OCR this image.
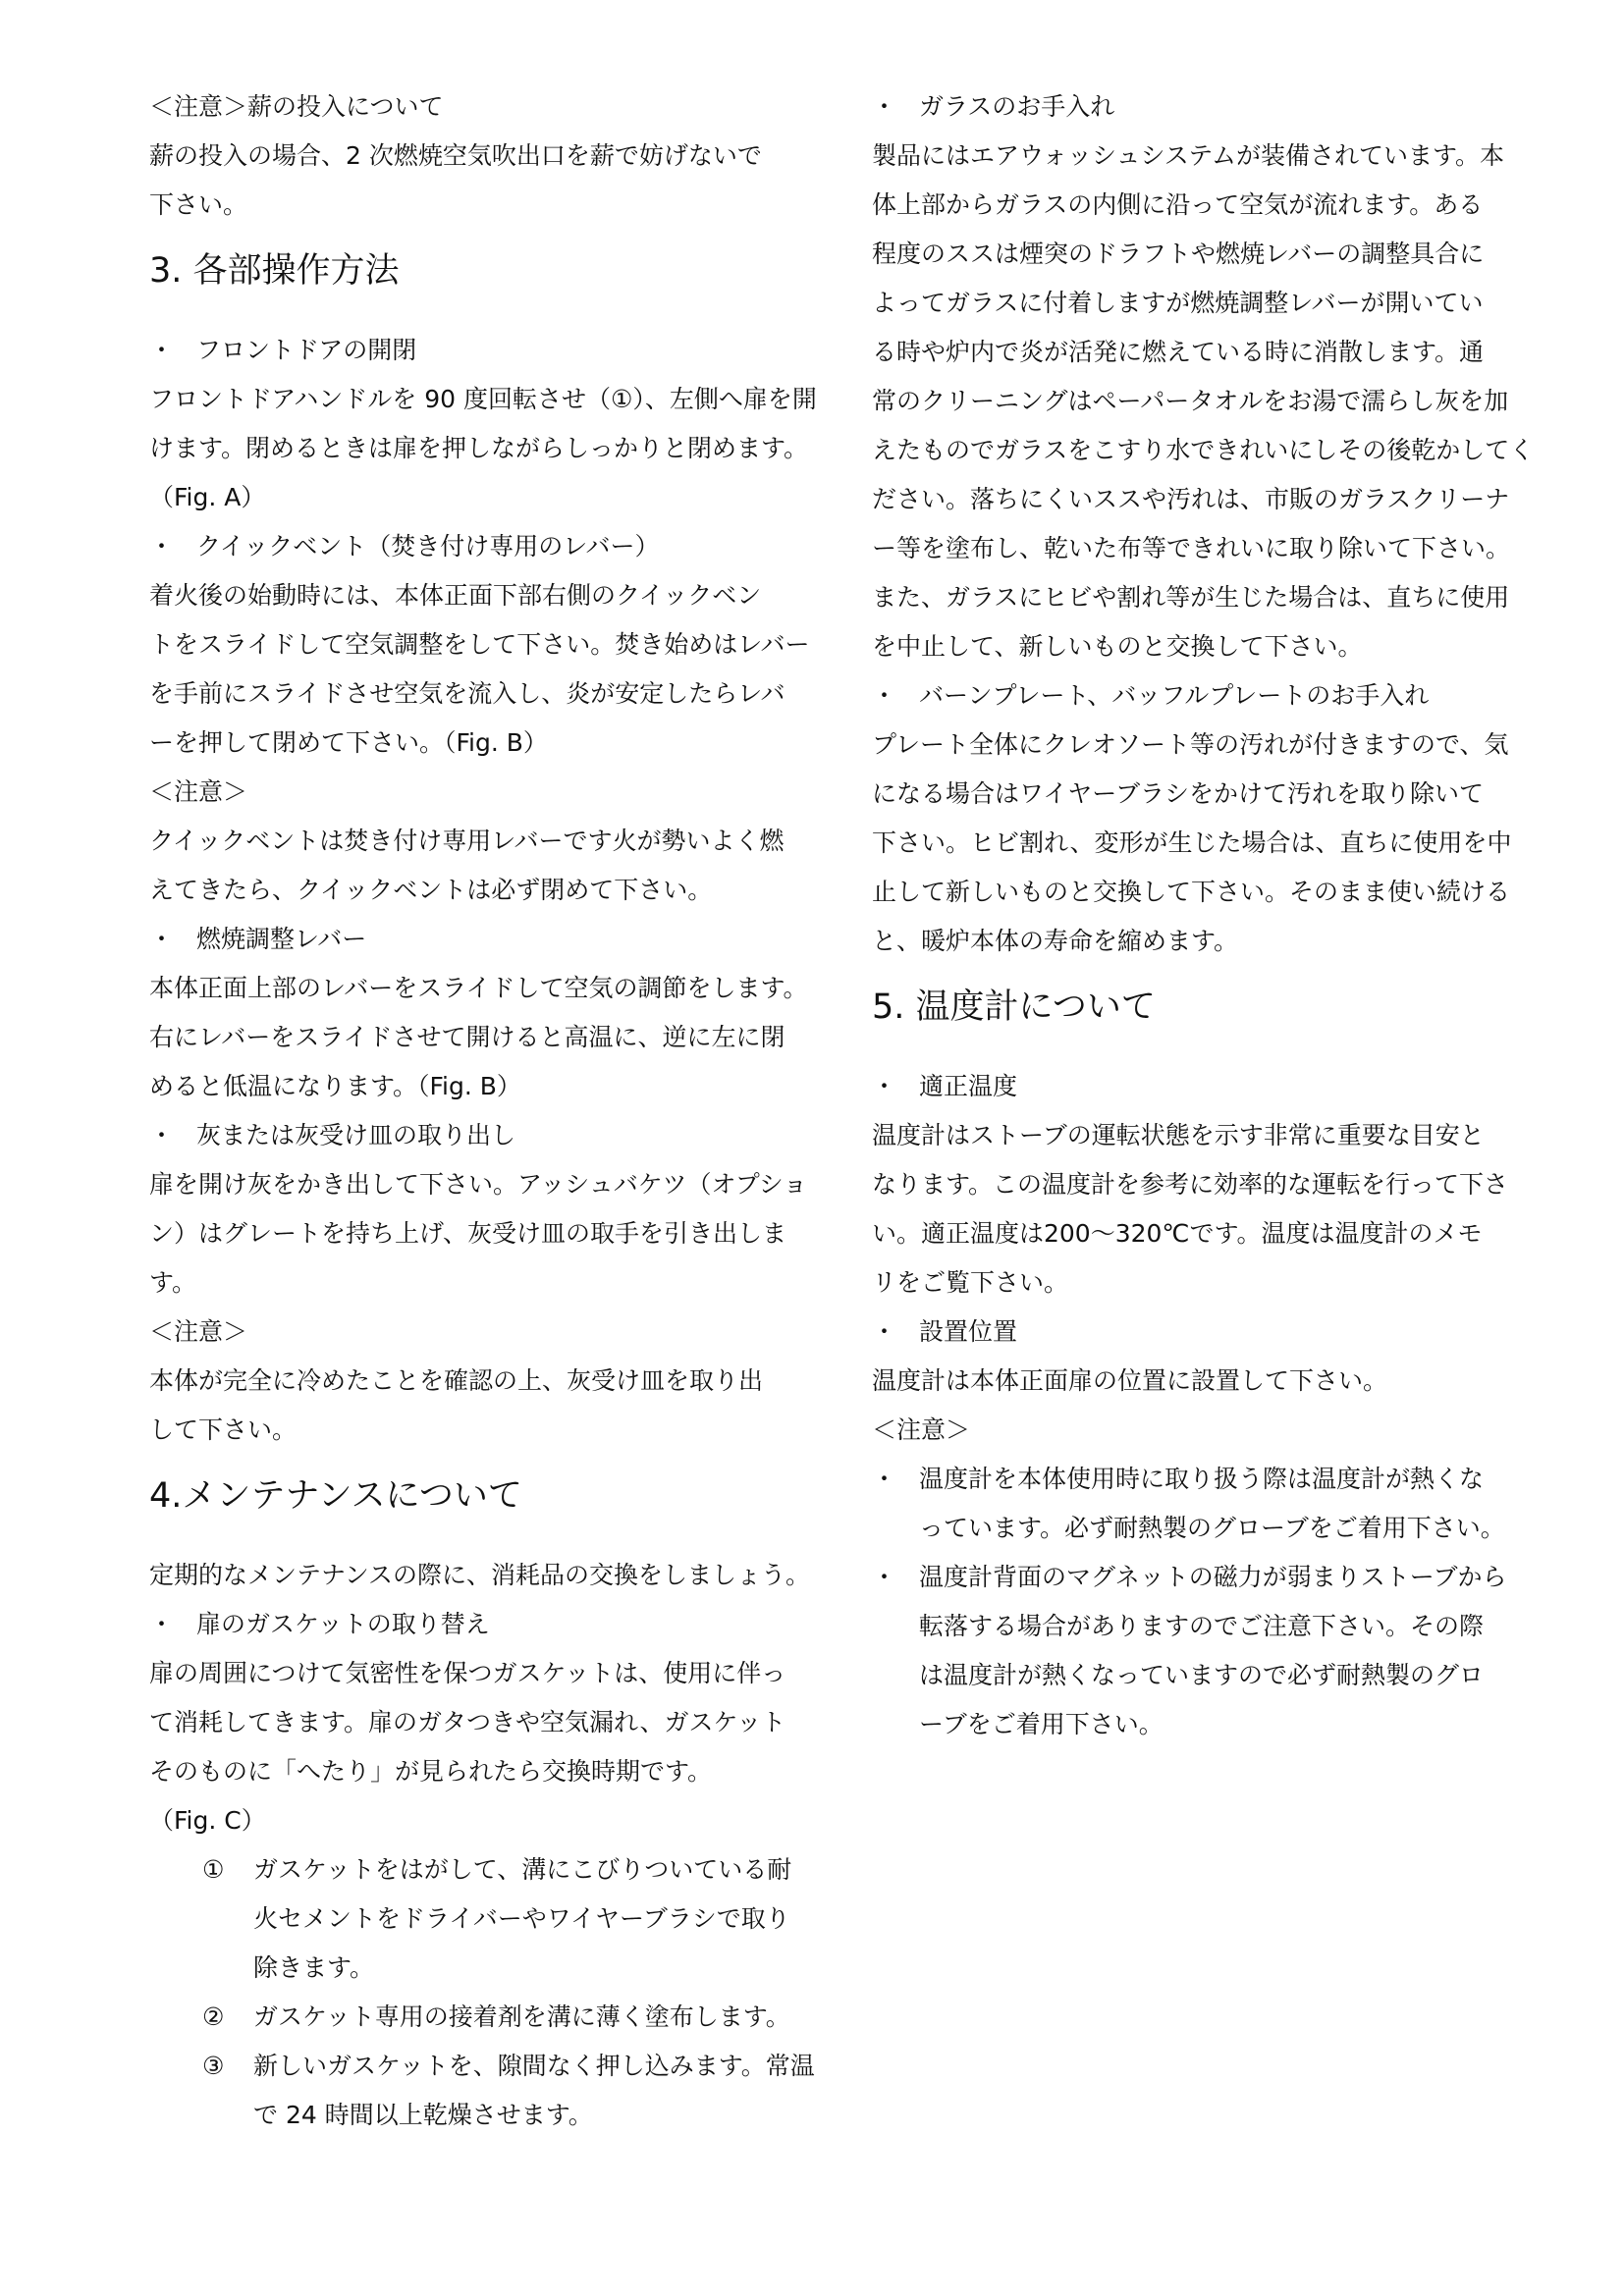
＜注意＞薪の投入について
薪の投入の場合、2 次燃焼空気吹出口を薪で妨げないで
下さい。
3. 各部操作方法
・ フロントドアの開閉
フロントドアハンドルを 90 度回転させ（①）、左側へ扉を開
けます。閉めるときは扉を押しながらしっかりと閉めます。
（Fig. A）
・ クイックベント（焚き付け専用のレバー）
着火後の始動時には、本体正面下部右側のクイックベン
トをスライドして空気調整をして下さい。焚き始めはレバー
を手前にスライドさせ空気を流入し、炎が安定したらレバ
ーを押して閉めて下さい。（Fig. B）
＜注意＞
クイックベントは焚き付け専用レバーです火が勢いよく燃
えてきたら、クイックベントは必ず閉めて下さい。
・ 燃焼調整レバー
本体正面上部のレバーをスライドして空気の調節をします。
右にレバーをスライドさせて開けると高温に、逆に左に閉
めると低温になります。（Fig. B）
・ 灰または灰受け皿の取り出し
扉を開け灰をかき出して下さい。アッシュバケツ（オプショ
ン）はグレートを持ち上げ、灰受け皿の取手を引き出しま
す。
＜注意＞
本体が完全に冷めたことを確認の上、灰受け皿を取り出
して下さい。
4.メンテナンスについて
定期的なメンテナンスの際に、消耗品の交換をしましょう。
・ 扉のガスケットの取り替え
扉の周囲につけて気密性を保つガスケットは、使用に伴っ
て消耗してきます。扉のガタつきや空気漏れ、ガスケット
そのものに「へたり」が見られたら交換時期です。
（Fig. C）
①	ガスケットをはがして、溝にこびりついている耐
火セメントをドライバーやワイヤーブラシで取り
除きます。
②	ガスケット専用の接着剤を溝に薄く塗布します。
③	新しいガスケットを、隙間なく押し込みます。常温
で 24 時間以上乾燥させます。
・ ガラスのお手入れ
製品にはエアウォッシュシステムが装備されています。本
体上部からガラスの内側に沿って空気が流れます。ある
程度のススは煙突のドラフトや燃焼レバーの調整具合に
よってガラスに付着しますが燃焼調整レバーが開いてい
る時や炉内で炎が活発に燃えている時に消散します。通
常のクリーニングはペーパータオルをお湯で濡らし灰を加
えたものでガラスをこすり水できれいにしその後乾かしてく
ださい。落ちにくいススや汚れは、市販のガラスクリーナ
ー等を塗布し、乾いた布等できれいに取り除いて下さい。
また、ガラスにヒビや割れ等が生じた場合は、直ちに使用
を中止して、新しいものと交換して下さい。
・ バーンプレート、バッフルプレートのお手入れ
プレート全体にクレオソート等の汚れが付きますので、気
になる場合はワイヤーブラシをかけて汚れを取り除いて
下さい。ヒビ割れ、変形が生じた場合は、直ちに使用を中
止して新しいものと交換して下さい。そのまま使い続ける
と、暖炉本体の寿命を縮めます。
5. 温度計について
・ 適正温度
温度計はストーブの運転状態を示す非常に重要な目安と
なります。この温度計を参考に効率的な運転を行って下さ
い。適正温度は200～320℃です。温度は温度計のメモ
リをご覧下さい。
・ 設置位置
温度計は本体正面扉の位置に設置して下さい。
＜注意＞
・ 温度計を本体使用時に取り扱う際は温度計が熱くな
っています。必ず耐熱製のグローブをご着用下さい。
・ 温度計背面のマグネットの磁力が弱まりストーブから
転落する場合がありますのでご注意下さい。その際
は温度計が熱くなっていますので必ず耐熱製のグロ
ーブをご着用下さい。
